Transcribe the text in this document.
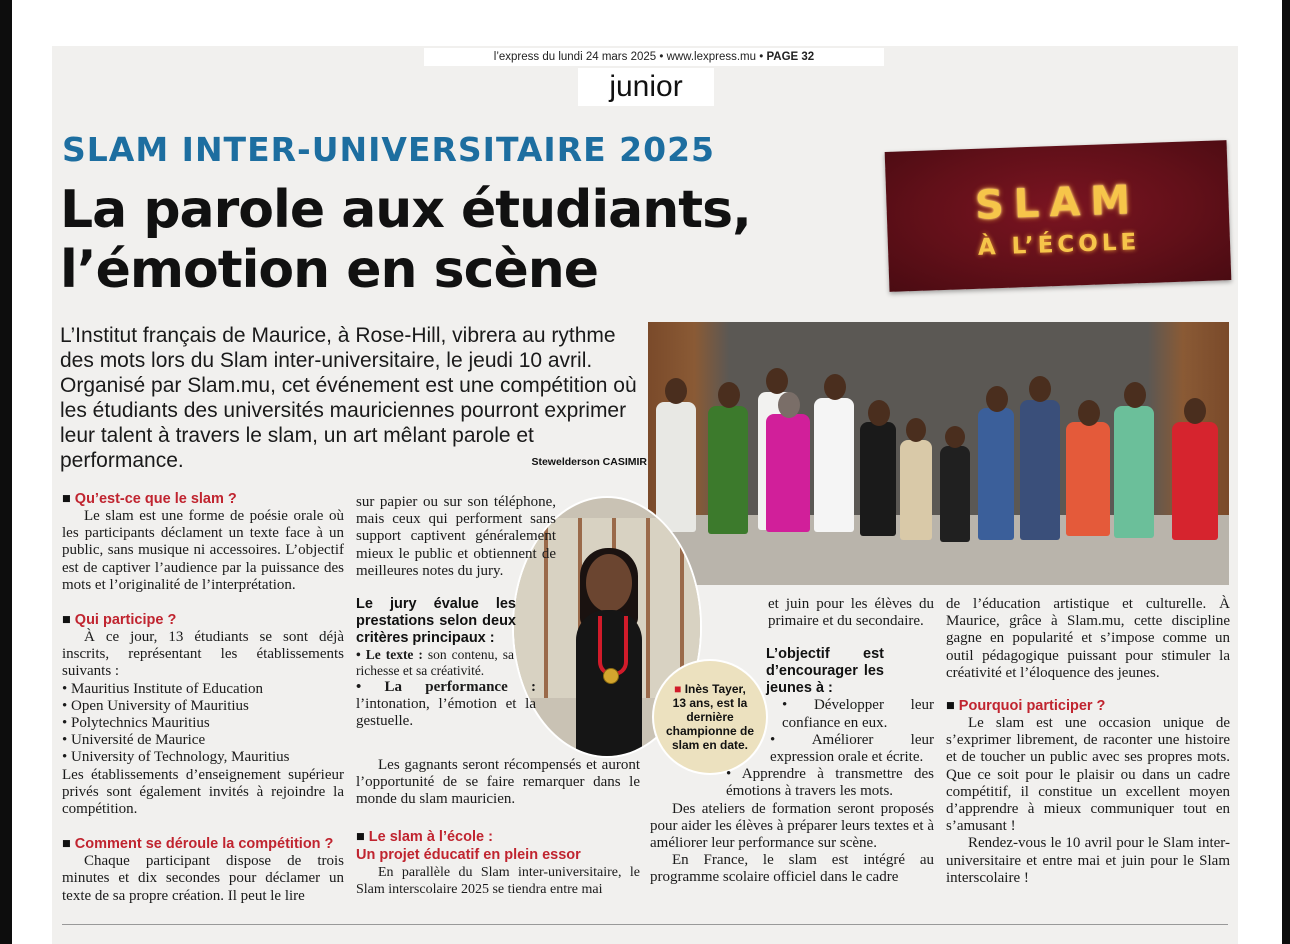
l’express du lundi 24 mars 2025 • www.lexpress.mu • PAGE 32
junior
SLAM INTER-UNIVERSITAIRE 2025
La parole aux étudiants,
l’émotion en scène
SLAM
À L’ÉCOLE
L’Institut français de Maurice, à Rose-Hill, vibrera au rythme des mots lors du Slam inter-universitaire, le jeudi 10 avril. Organisé par Slam.mu, cet événement est une compétition où les étudiants des universités mauriciennes pourront exprimer leur talent à travers le slam, un art mêlant parole et performance.	Stewelderson CASIMIR
■ Inès Tayer, 13 ans, est la dernière championne de slam en date.

■ Qu’est-ce que le slam ?

Le slam est une forme de poésie orale où les participants déclament un texte face à un public, sans musique ni accessoires. L’objectif est de captiver l’audience par la puissance des mots et l’originalité de l’interprétation.

■ Qui participe ?

À ce jour, 13 étudiants se sont déjà inscrits, représentant les établissements suivants :

• Mauritius Institute of Education

• Open University of Mauritius

• Polytechnics Mauritius

• Université de Maurice

• University of Technology, Mauritius

Les établissements d’enseignement supérieur privés sont également invités à rejoindre la compétition.

■ Comment se déroule la compétition ?

Chaque participant dispose de trois minutes et dix secondes pour déclamer un texte de sa propre création. Il peut le lire

sur papier ou sur son téléphone, mais ceux qui performent sans support captivent généralement mieux le public et obtiennent de meilleures notes du jury.

Le jury évalue les prestations selon deux critères principaux :

• Le texte : son contenu, sa richesse et sa créativité.

• La performance : l’intonation, l’émotion et la gestuelle.

Les gagnants seront récompensés et auront l’opportunité de se faire remarquer dans le monde du slam mauricien.

■ Le slam à l’école :

Un projet éducatif en plein essor

En parallèle du Slam inter-universitaire, le Slam interscolaire 2025 se tiendra entre mai

et juin pour les élèves du primaire et du secondaire.

L’objectif est d’encourager les jeunes à :

• Développer leur confiance en eux.

• Améliorer leur expression orale et écrite.

• Apprendre à transmettre des émotions à travers les mots.

Des ateliers de formation seront proposés pour aider les élèves à préparer leurs textes et à améliorer leur performance sur scène.

En France, le slam est intégré au programme scolaire officiel dans le cadre

de l’éducation artistique et culturelle. À Maurice, grâce à Slam.mu, cette discipline gagne en popularité et s’impose comme un outil pédagogique puissant pour stimuler la créativité et l’éloquence des jeunes.

■ Pourquoi participer ?

Le slam est une occasion unique de s’exprimer librement, de raconter une histoire et de toucher un public avec ses propres mots. Que ce soit pour le plaisir ou dans un cadre compétitif, il constitue un excellent moyen d’apprendre à mieux communiquer tout en s’amusant !

Rendez-vous le 10 avril pour le Slam inter-universitaire et entre mai et juin pour le Slam interscolaire !
